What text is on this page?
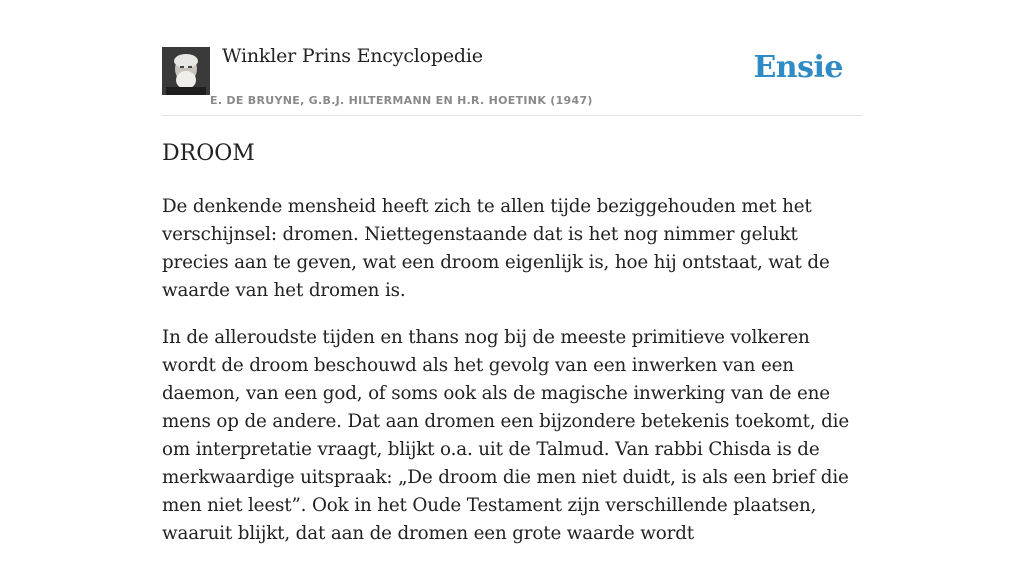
Winkler Prins Encyclopedie
E. DE BRUYNE, G.B.J. HILTERMANN EN H.R. HOETINK (1947)
Ensie
DROOM

De denkende mensheid heeft zich te allen tijde beziggehouden met het verschijnsel: dromen. Niettegenstaande dat is het nog nimmer gelukt precies aan te geven, wat een droom eigenlijk is, hoe hij ontstaat, wat de waarde van het dromen is.

In de alleroudste tijden en thans nog bij de meeste primitieve volkeren wordt de droom beschouwd als het gevolg van een inwerken van een daemon, van een god, of soms ook als de magische inwerking van de ene mens op de andere. Dat aan dromen een bijzondere betekenis toekomt, die om interpretatie vraagt, blijkt o.a. uit de Talmud. Van rabbi Chisda is de merkwaardige uitspraak: „De droom die men niet duidt, is als een brief die men niet leest”. Ook in het Oude Testament zijn verschillende plaatsen, waaruit blijkt, dat aan de dromen een grote waarde wordt
